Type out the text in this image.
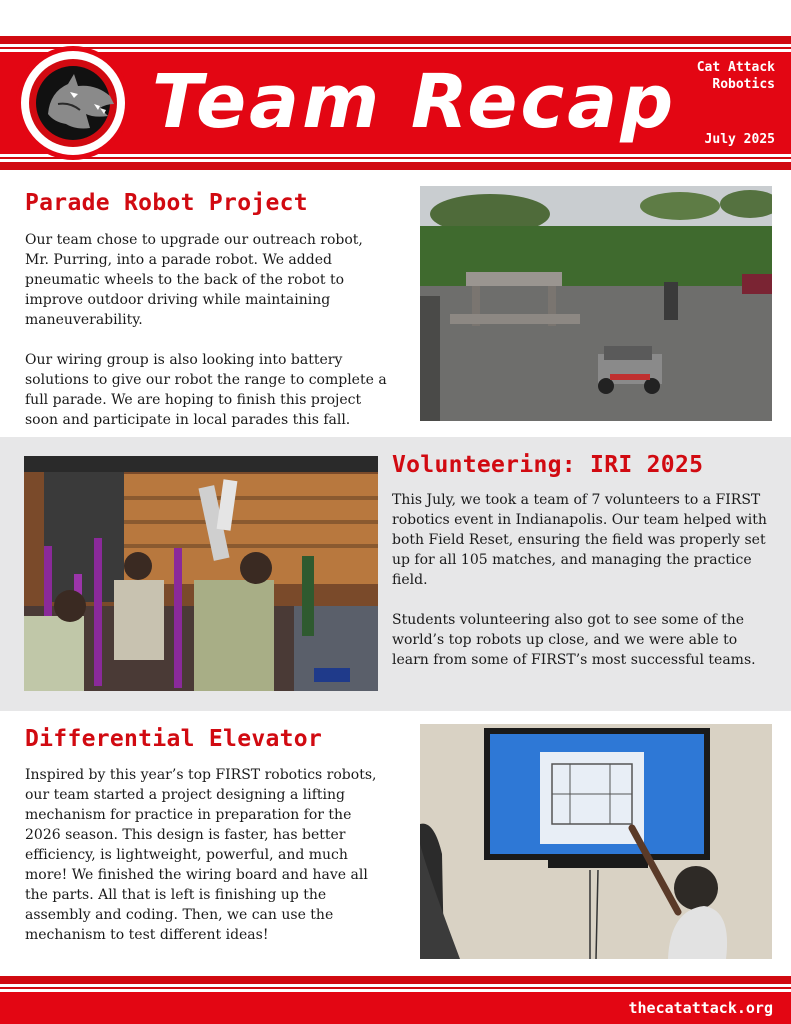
Team Recap	Cat Attack
Robotics
July 2025
Parade Robot Project

Our team chose to upgrade our outreach robot, Mr. Purring, into a parade robot. We added pneumatic wheels to the back of the robot to improve outdoor driving while maintaining maneuverability.

Our wiring group is also looking into battery solutions to give our robot the range to complete a full parade. We are hoping to finish this project soon and participate in local parades this fall.

Volunteering: IRI 2025

This July, we took a team of 7 volunteers to a FIRST robotics event in Indianapolis. Our team helped with both Field Reset, ensuring the field was properly set up for all 105 matches, and managing the practice field.

Students volunteering also got to see some of the world’s top robots up close, and we were able to learn from some of FIRST’s most successful teams.

Differential Elevator

Inspired by this year’s top FIRST robotics robots, our team started a project designing a lifting mechanism for practice in preparation for the 2026 season. This design is faster, has better efficiency, is lightweight, powerful, and much more! We finished the wiring board and have all the parts. All that is left is finishing up the assembly and coding. Then, we can use the mechanism to test different ideas!

thecatattack.org
